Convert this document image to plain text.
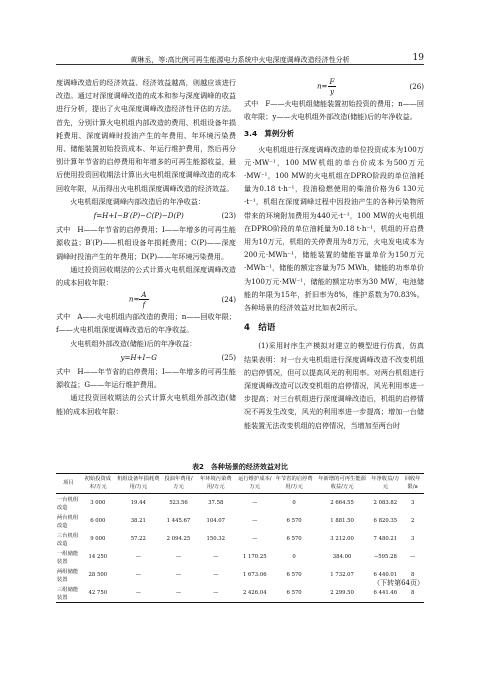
黄琳丞，等:高比例可再生能源电力系统中火电深度调峰改造经济性分析	19

度调峰改造后的经济效益、经济效益越高，则越应该进行改造。通过对深度调峰改造的成本和参与深度调峰的收益进行分析，提出了火电深度调峰改造经济性评估的方法。首先，分别计算火电机组内部改造的费用、机组设备年损耗费用、深度调峰时投油产生的年费用、年环境污染费用、储能装置初始投资成本、年运行维护费用，然后再分别计算年节省的启停费用和年增多的可再生能源收益，最后使用投资回收期法计算出火电机组深度调峰改造的成本回收年限，从而得出火电机组深度调峰改造的经济效益。

火电机组深度调峰内部改造后的年净收益：

f=H+I−B′(P)−C(P)−D(P)	(23)

式中　H——年节省的启停费用；I——年增多的可再生能源收益；B′(P)——机组设备年损耗费用；C(P)——深度调峰时投油产生的年费用；D(P)——年环境污染费用。

通过投资回收期法的公式计算火电机组深度调峰改造的成本回收年限：

$n= \frac{A}{f}$	(24)

式中　A——火电机组内部改造的费用；n——回收年限；f——火电机组深度调峰改造后的年净收益。

火电机组外部改造(储能)后的年净收益：

y=H+I−G	(25)

式中　H——年节省的启停费用；I——年增多的可再生能源收益；G——年运行维护费用。

通过投资回收期法的公式计算火电机组外部改造(储能)的成本回收年限：

$n= \frac{F}{y}$	(26)

式中　F——火电机组储能装置初始投资的费用；n——回收年限；y——火电机组外部改造(储能)后的年净收益。

3.4　算例分析

火电机组进行深度调峰改造的单位投资成本为100万元·MW⁻¹，100 MW机组的单台价成本为500万元·MW⁻¹，100 MW的火电机组在DPRO阶段的单位油耗量为0.18 t·h⁻¹，投油稳燃使用的柴油价格为6 130元·t⁻¹，机组在深度调峰过程中因投油产生的各种污染物所带来的环境附加费用为440元·t⁻¹，100 MW的火电机组在DPRO阶段的单位油耗量为0.18 t·h⁻¹，机组的开启费用为10万元，机组的关停费用为8万元，火电发电成本为200元·MWh⁻¹，储能装置的储能容量单价为150万元·MWh⁻¹，储能的额定容量为75 MWh，储能的功率单价为100万元·MW⁻¹，储能的额定功率为30 MW，电池储能的年限为15年，折旧率为8%，维护系数为70.83%。各种场景的经济效益对比如表2所示。

4　结语

(1)采用时序生产模拟对建立的模型进行仿真，仿真结果表明：对一台火电机组进行深度调峰改造不改变机组的启停情况，但可以提高风光的利用率。对两台机组进行深度调峰改造可以改变机组的启停情况，风光利用率进一步提高；对三台机组进行深度调峰改造后，机组的启停情况不再发生改变，风光的利用率进一步提高；增加一台储能装置无法改变机组的启停情况，当增加至两台时

表2　各种场景的经济效益对比
项目	初始投资成本/万元	机组设备年损耗费用/万元	投油年费用/万元	年环境污染费用/万元	运行维护成本/万元	年节省的启停费用/万元	年新增的可再生能源收益/万元	年净收益/万元	回收年限/a
一台机组改造	3 000	19.44	523.56	37.58	—	0	2 664.55	2 083.82	3
两台机组改造	6 000	38.21	1 445.67	104.07	—	6 570	1 881.50	6 820.35	2
三台机组改造	9 000	57.22	2 094.25	150.32	—	6 570	3 212.00	7 480.21	3
一组储能装置	14 250	—	—	—	1 170.25	0	384.00	−595.28	—
两组储能装置	28 500	—	—	—	1 673.06	6 570	1 732.07	6 440.01	8
三组储能装置	42 750	—	—	—	2 426.04	6 570	2 299.50	6 441.46	8
（下转第64页）
